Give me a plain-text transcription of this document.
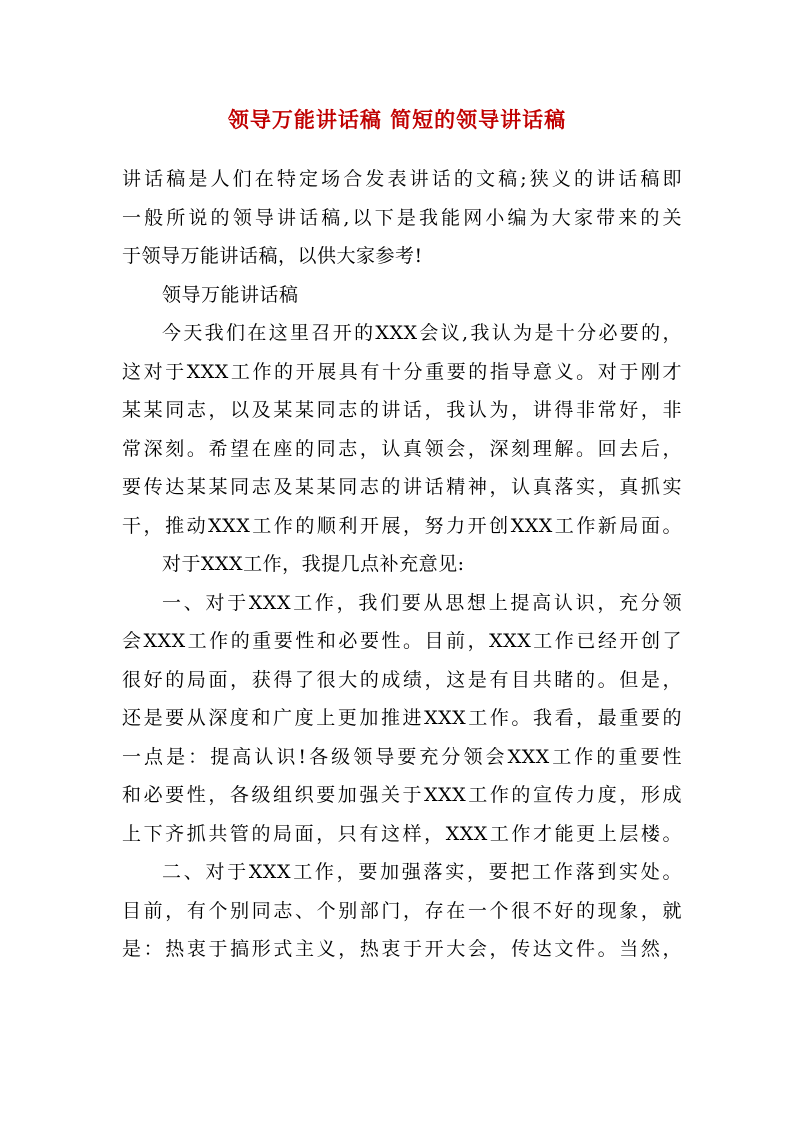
领导万能讲话稿 简短的领导讲话稿
讲话稿是人们在特定场合发表讲话的文稿;狭义的讲话稿即
一般所说的领导讲话稿,以下是我能网小编为大家带来的关
于领导万能讲话稿，以供大家参考!
领导万能讲话稿
今天我们在这里召开的XXX会议,我认为是十分必要的，
这对于XXX工作的开展具有十分重要的指导意义。对于刚才
某某同志，以及某某同志的讲话，我认为，讲得非常好，非
常深刻。希望在座的同志，认真领会，深刻理解。回去后，
要传达某某同志及某某同志的讲话精神，认真落实，真抓实
干，推动XXX工作的顺利开展，努力开创XXX工作新局面。
对于XXX工作，我提几点补充意见:
一、对于XXX工作，我们要从思想上提高认识，充分领
会XXX工作的重要性和必要性。目前，XXX工作已经开创了
很好的局面，获得了很大的成绩，这是有目共睹的。但是，
还是要从深度和广度上更加推进XXX工作。我看，最重要的
一点是：提高认识!各级领导要充分领会XXX工作的重要性
和必要性，各级组织要加强关于XXX工作的宣传力度，形成
上下齐抓共管的局面，只有这样，XXX工作才能更上层楼。
二、对于XXX工作，要加强落实，要把工作落到实处。
目前，有个别同志、个别部门，存在一个很不好的现象，就
是：热衷于搞形式主义，热衷于开大会，传达文件。当然，
